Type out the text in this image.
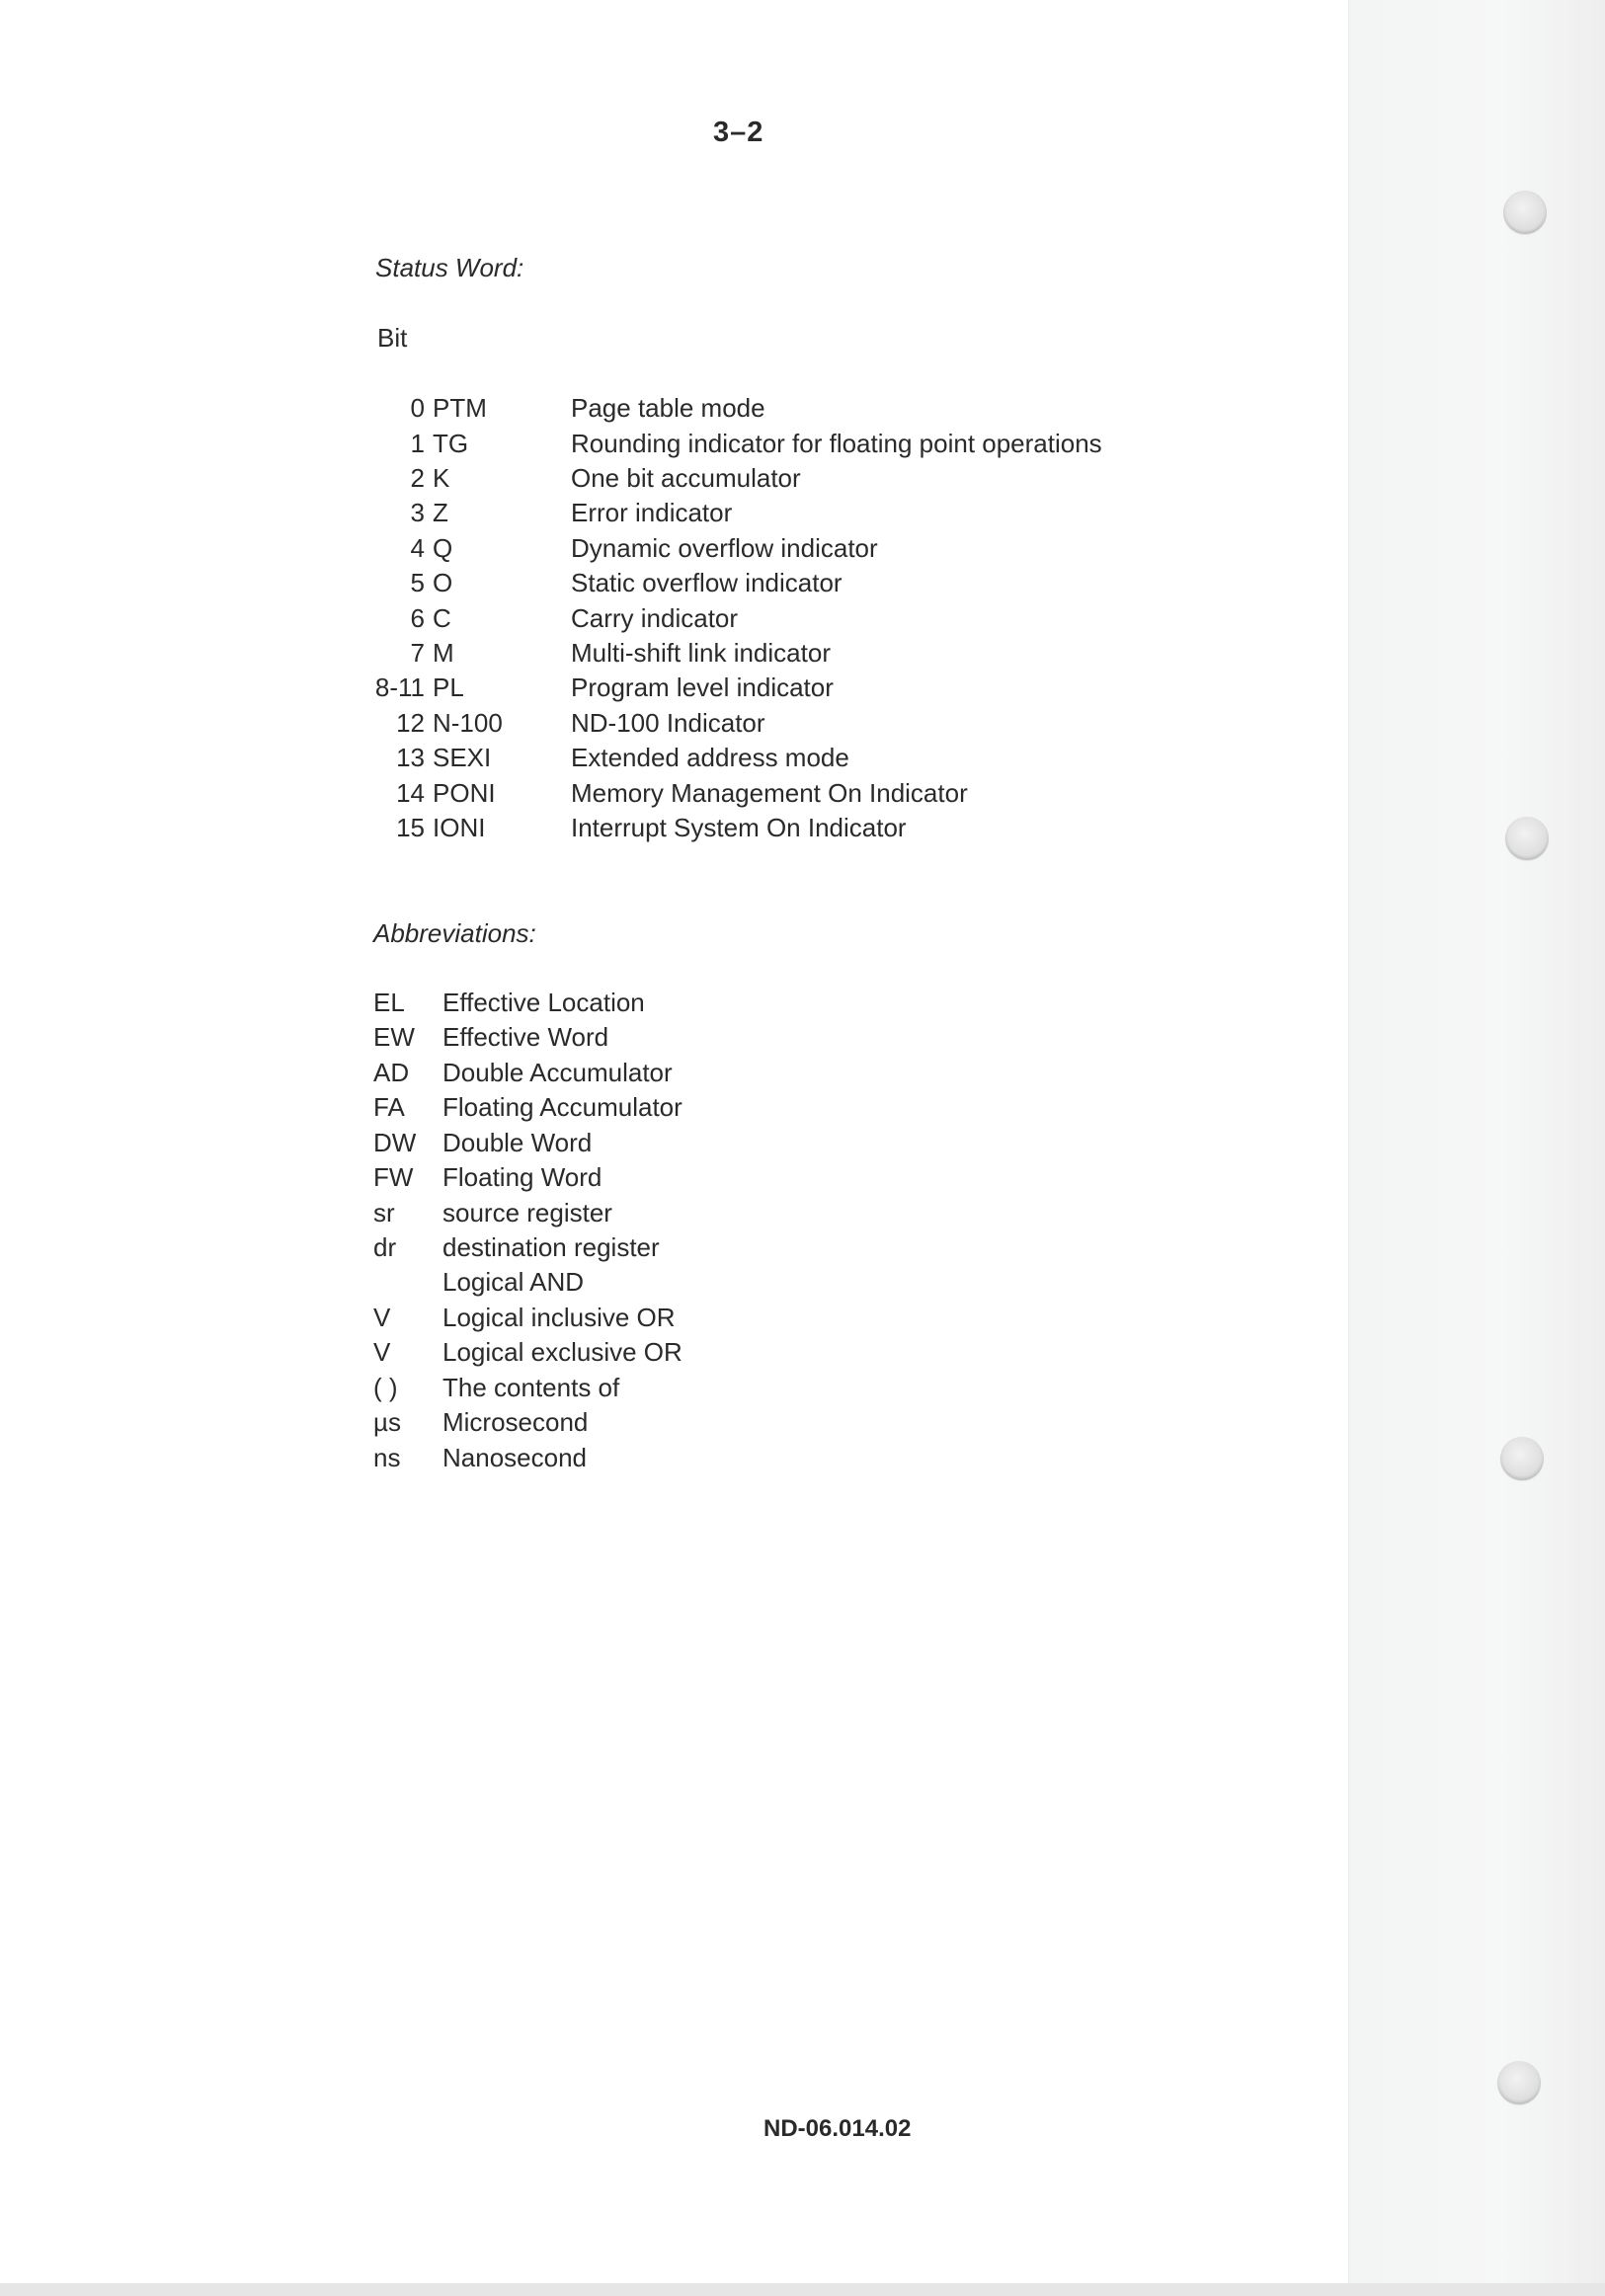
3–2
Status Word:
Bit
0 PTM	Page table mode
1 TG	Rounding indicator for floating point operations
2 K	One bit accumulator
3 Z	Error indicator
4 Q	Dynamic overflow indicator
5 O	Static overflow indicator
6 C	Carry indicator
7 M	Multi-shift link indicator
8-11 PL	Program level indicator
12 N-100	ND-100 Indicator
13 SEXI	Extended address mode
14 PONI	Memory Management On Indicator
15 IONI	Interrupt System On Indicator
Abbreviations:
EL Effective Location
EW Effective Word
AD Double Accumulator
FA Floating Accumulator
DW Double Word
FW Floating Word
sr source register
dr destination register
Logical AND
V Logical inclusive OR
V Logical exclusive OR
( ) The contents of
µs Microsecond
ns Nanosecond
ND-06.014.02
